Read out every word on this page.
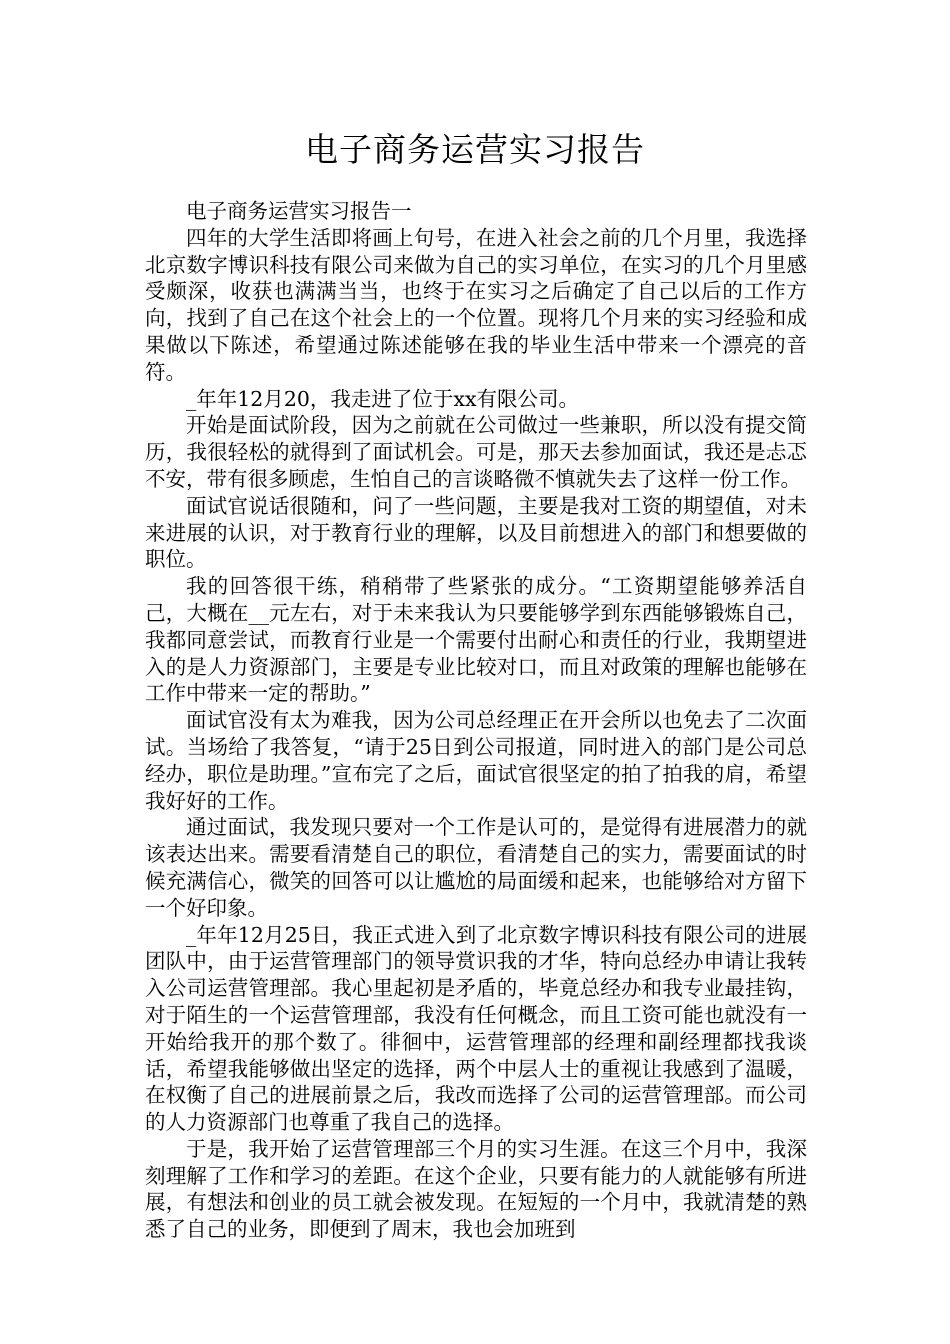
电子商务运营实习报告

电子商务运营实习报告一

四年的大学生活即将画上句号，在进入社会之前的几个月里，我选择北京数字博识科技有限公司来做为自己的实习单位，在实习的几个月里感受颇深，收获也满满当当，也终于在实习之后确定了自己以后的工作方向，找到了自己在这个社会上的一个位置。现将几个月来的实习经验和成果做以下陈述，希望通过陈述能够在我的毕业生活中带来一个漂亮的音符。

_年年12月20，我走进了位于xx有限公司。

开始是面试阶段，因为之前就在公司做过一些兼职，所以没有提交简历，我很轻松的就得到了面试机会。可是，那天去参加面试，我还是忐忑不安，带有很多顾虑，生怕自己的言谈略微不慎就失去了这样一份工作。

面试官说话很随和，问了一些问题，主要是我对工资的期望值，对未来进展的认识，对于教育行业的理解，以及目前想进入的部门和想要做的职位。

我的回答很干练，稍稍带了些紧张的成分。“工资期望能够养活自己，大概在__元左右，对于未来我认为只要能够学到东西能够锻炼自己，我都同意尝试，而教育行业是一个需要付出耐心和责任的行业，我期望进入的是人力资源部门，主要是专业比较对口，而且对政策的理解也能够在工作中带来一定的帮助。”

面试官没有太为难我，因为公司总经理正在开会所以也免去了二次面试。当场给了我答复，“请于25日到公司报道，同时进入的部门是公司总经办，职位是助理。”宣布完了之后，面试官很坚定的拍了拍我的肩，希望我好好的工作。

通过面试，我发现只要对一个工作是认可的，是觉得有进展潜力的就该表达出来。需要看清楚自己的职位，看清楚自己的实力，需要面试的时候充满信心，微笑的回答可以让尴尬的局面缓和起来，也能够给对方留下一个好印象。

_年年12月25日，我正式进入到了北京数字博识科技有限公司的进展团队中，由于运营管理部门的领导赏识我的才华，特向总经办申请让我转入公司运营管理部。我心里起初是矛盾的，毕竟总经办和我专业最挂钩，对于陌生的一个运营管理部，我没有任何概念，而且工资可能也就没有一开始给我开的那个数了。徘徊中，运营管理部的经理和副经理都找我谈话，希望我能够做出坚定的选择，两个中层人士的重视让我感到了温暖，在权衡了自己的进展前景之后，我改而选择了公司的运营管理部。而公司的人力资源部门也尊重了我自己的选择。

于是，我开始了运营管理部三个月的实习生涯。在这三个月中，我深刻理解了工作和学习的差距。在这个企业，只要有能力的人就能够有所进展，有想法和创业的员工就会被发现。在短短的一个月中，我就清楚的熟悉了自己的业务，即便到了周末，我也会加班到
